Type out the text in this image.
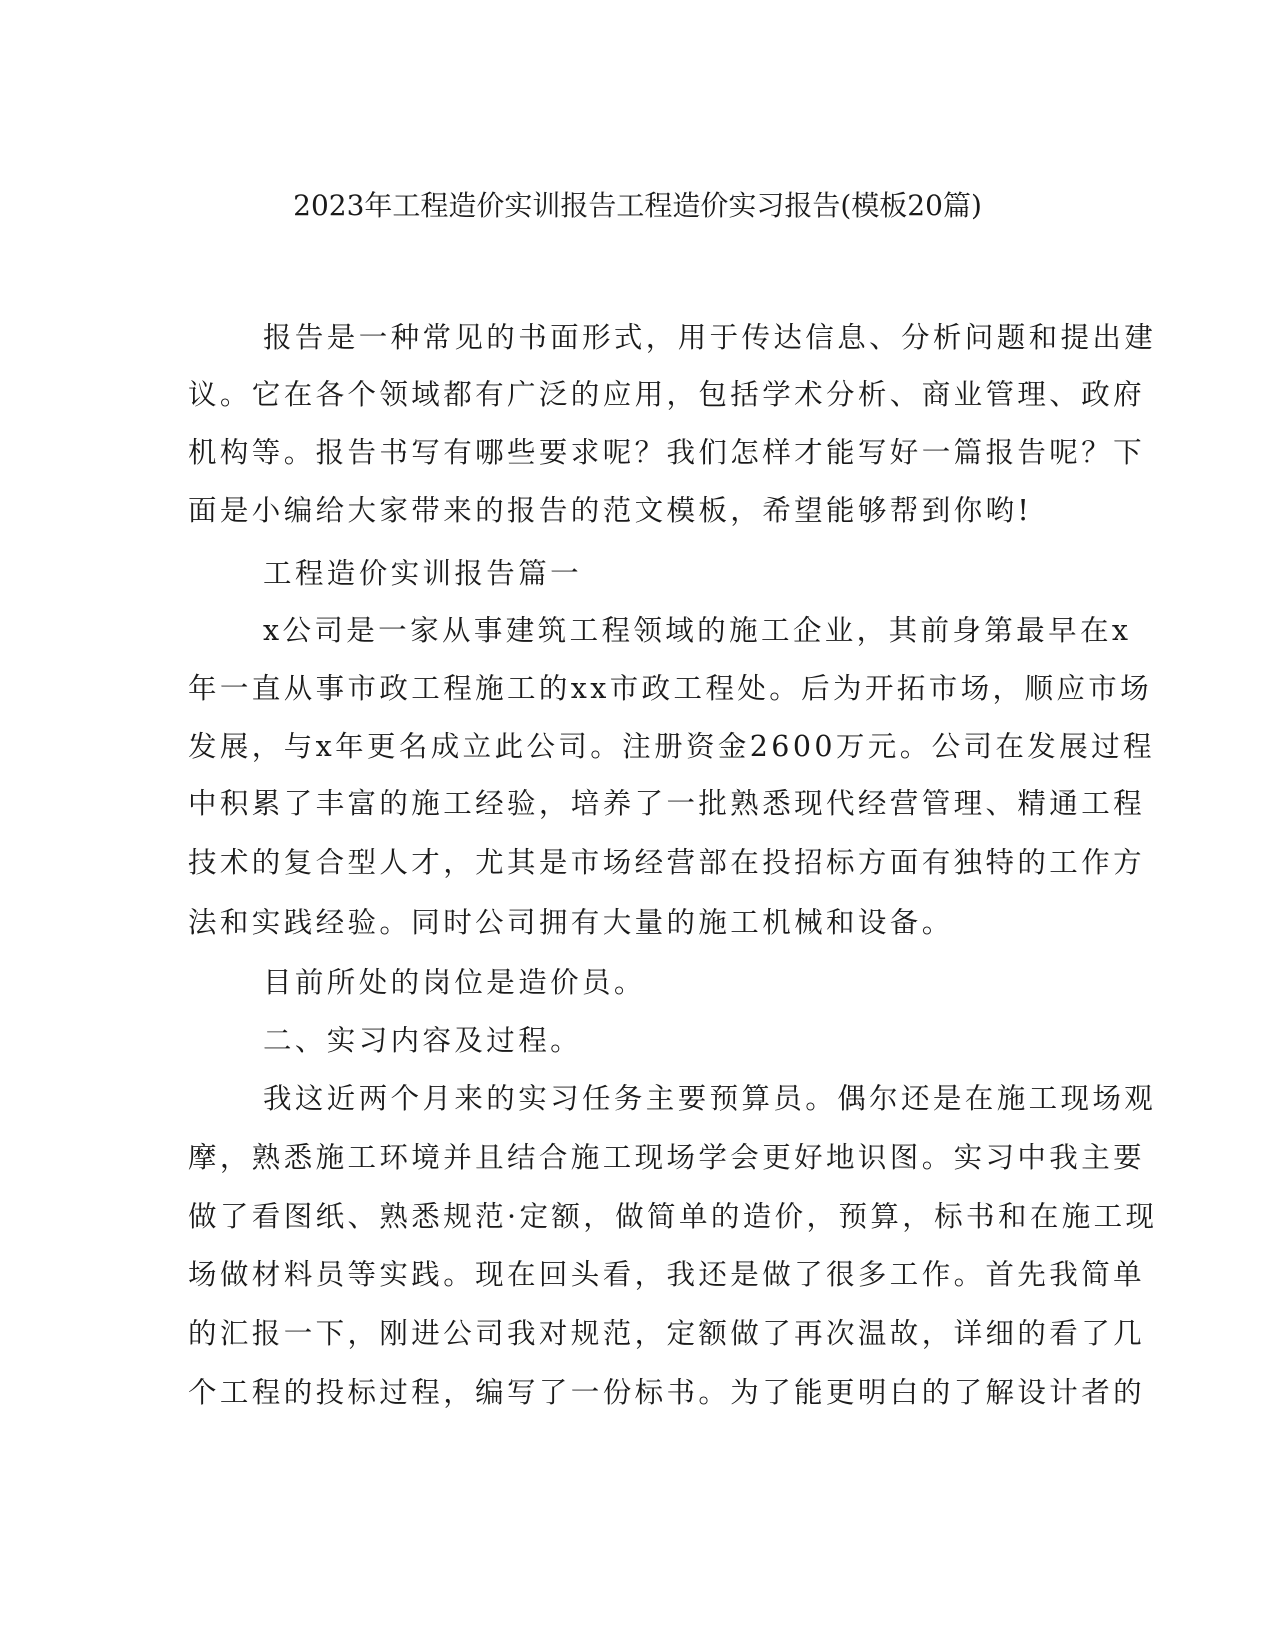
2023年工程造价实训报告工程造价实习报告(模板20篇)
报告是一种常见的书面形式，用于传达信息、分析问题和提出建
议。它在各个领域都有广泛的应用，包括学术分析、商业管理、政府
机构等。报告书写有哪些要求呢？我们怎样才能写好一篇报告呢？下
面是小编给大家带来的报告的范文模板，希望能够帮到你哟!
工程造价实训报告篇一
x公司是一家从事建筑工程领域的施工企业，其前身第最早在x
年一直从事市政工程施工的xx市政工程处。后为开拓市场，顺应市场
发展，与x年更名成立此公司。注册资金2600万元。公司在发展过程
中积累了丰富的施工经验，培养了一批熟悉现代经营管理、精通工程
技术的复合型人才，尤其是市场经营部在投招标方面有独特的工作方
法和实践经验。同时公司拥有大量的施工机械和设备。
目前所处的岗位是造价员。
二、实习内容及过程。
我这近两个月来的实习任务主要预算员。偶尔还是在施工现场观
摩，熟悉施工环境并且结合施工现场学会更好地识图。实习中我主要
做了看图纸、熟悉规范·定额，做简单的造价，预算，标书和在施工现
场做材料员等实践。现在回头看，我还是做了很多工作。首先我简单
的汇报一下，刚进公司我对规范，定额做了再次温故，详细的看了几
个工程的投标过程，编写了一份标书。为了能更明白的了解设计者的
